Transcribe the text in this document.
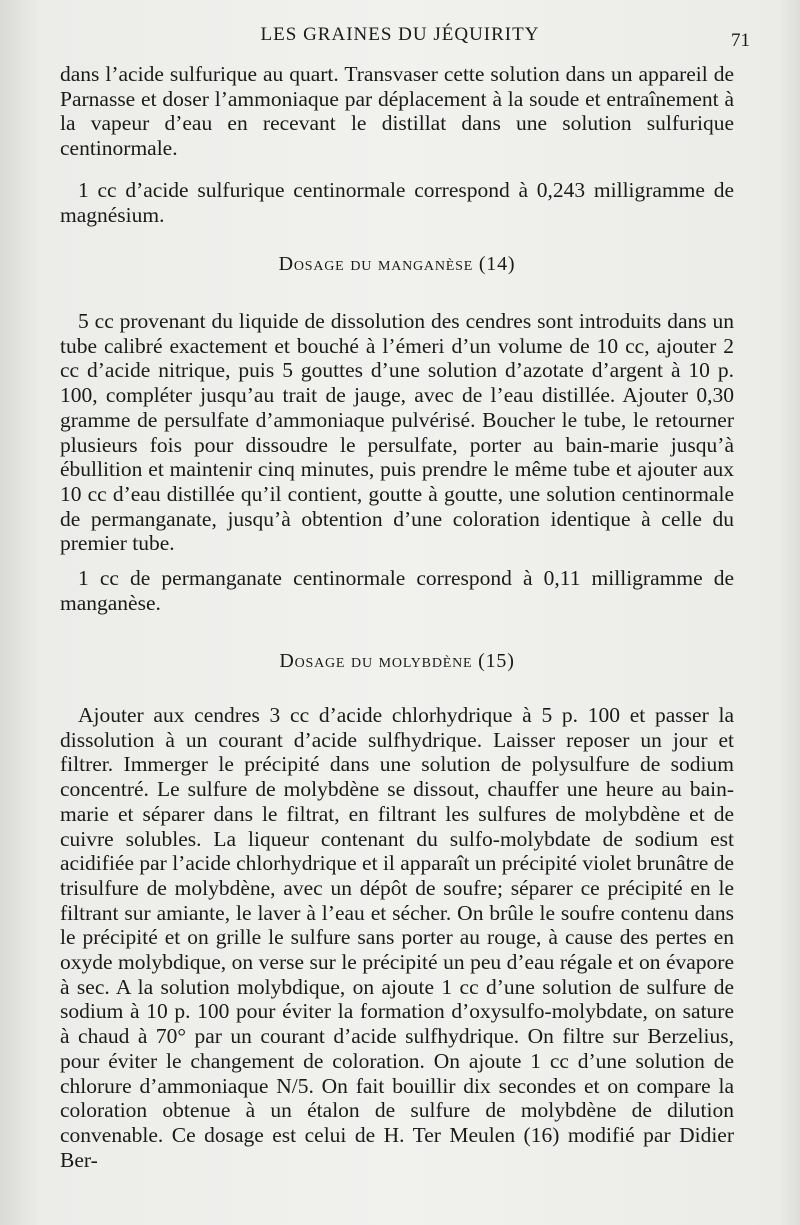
LES GRAINES DU JÉQUIRITY	71

dans l’acide sulfurique au quart. Transvaser cette solution dans un appareil de Parnasse et doser l’ammoniaque par déplacement à la soude et entraînement à la vapeur d’eau en recevant le distillat dans une solution sulfurique centinormale.

1 cc d’acide sulfurique centinormale correspond à 0,243 milligramme de magnésium.

Dosage du manganèse (14)

5 cc provenant du liquide de dissolution des cendres sont introduits dans un tube calibré exactement et bouché à l’émeri d’un volume de 10 cc, ajouter 2 cc d’acide nitrique, puis 5 gouttes d’une solution d’azotate d’argent à 10 p. 100, compléter jusqu’au trait de jauge, avec de l’eau distillée. Ajouter 0,30 gramme de persulfate d’ammoniaque pulvérisé. Boucher le tube, le retourner plusieurs fois pour dissoudre le persulfate, porter au bain-marie jusqu’à ébullition et maintenir cinq minutes, puis prendre le même tube et ajouter aux 10 cc d’eau distillée qu’il contient, goutte à goutte, une solution centinormale de permanganate, jusqu’à obtention d’une coloration identique à celle du premier tube.

1 cc de permanganate centinormale correspond à 0,11 milligramme de manganèse.

Dosage du molybdène (15)

Ajouter aux cendres 3 cc d’acide chlorhydrique à 5 p. 100 et passer la dissolution à un courant d’acide sulfhydrique. Laisser reposer un jour et filtrer. Immerger le précipité dans une solution de polysulfure de sodium concentré. Le sulfure de molybdène se dissout, chauffer une heure au bain-marie et séparer dans le filtrat, en filtrant les sulfures de molybdène et de cuivre solubles. La liqueur contenant du sulfo-molybdate de sodium est acidifiée par l’acide chlorhydrique et il apparaît un précipité violet brunâtre de trisulfure de molybdène, avec un dépôt de soufre; séparer ce précipité en le filtrant sur amiante, le laver à l’eau et sécher. On brûle le soufre contenu dans le précipité et on grille le sulfure sans porter au rouge, à cause des pertes en oxyde molybdique, on verse sur le précipité un peu d’eau régale et on évapore à sec. A la solution molybdique, on ajoute 1 cc d’une solution de sulfure de sodium à 10 p. 100 pour éviter la formation d’oxysulfo-molybdate, on sature à chaud à 70° par un courant d’acide sulfhydrique. On filtre sur Berzelius, pour éviter le changement de coloration. On ajoute 1 cc d’une solution de chlorure d’ammoniaque N/5. On fait bouillir dix secondes et on compare la coloration obtenue à un étalon de sulfure de molybdène de dilution convenable. Ce dosage est celui de H. Ter Meulen (16) modifié par Didier Ber-
